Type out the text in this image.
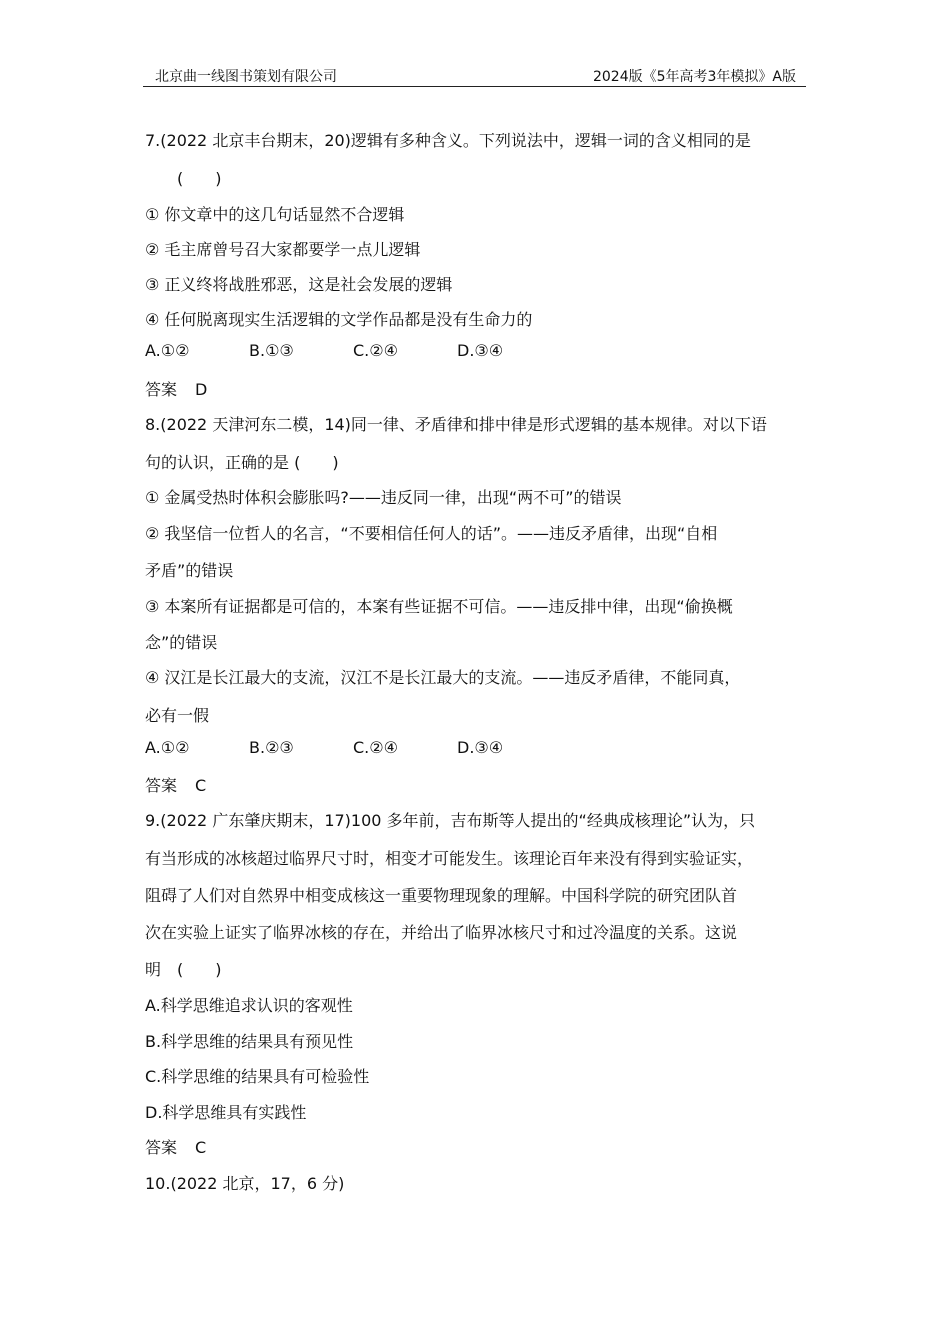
北京曲一线图书策划有限公司	2024版《5年高考3年模拟》A版
7.(2022 北京丰台期末，20)逻辑有多种含义。下列说法中，逻辑一词的含义相同的是
(　　)
① 你文章中的这几句话显然不合逻辑
② 毛主席曾号召大家都要学一点儿逻辑
③ 正义终将战胜邪恶，这是社会发展的逻辑
④ 任何脱离现实生活逻辑的文学作品都是没有生命力的
A.①②	B.①③	C.②④	D.③④
答案 D
8.(2022 天津河东二模，14)同一律、矛盾律和排中律是形式逻辑的基本规律。对以下语
句的认识，正确的是 (　　)
① 金属受热时体积会膨胀吗?——违反同一律，出现“两不可”的错误
② 我坚信一位哲人的名言，“不要相信任何人的话”。——违反矛盾律，出现“自相
矛盾”的错误
③ 本案所有证据都是可信的，本案有些证据不可信。——违反排中律，出现“偷换概
念”的错误
④ 汉江是长江最大的支流，汉江不是长江最大的支流。——违反矛盾律，不能同真，
必有一假
A.①②	B.②③	C.②④	D.③④
答案 C
9.(2022 广东肇庆期末，17)100 多年前，吉布斯等人提出的“经典成核理论”认为，只
有当形成的冰核超过临界尺寸时，相变才可能发生。该理论百年来没有得到实验证实，
阻碍了人们对自然界中相变成核这一重要物理现象的理解。中国科学院的研究团队首
次在实验上证实了临界冰核的存在，并给出了临界冰核尺寸和过冷温度的关系。这说
明　(　　)
A.科学思维追求认识的客观性
B.科学思维的结果具有预见性
C.科学思维的结果具有可检验性
D.科学思维具有实践性
答案 C
10.(2022 北京，17，6 分)
